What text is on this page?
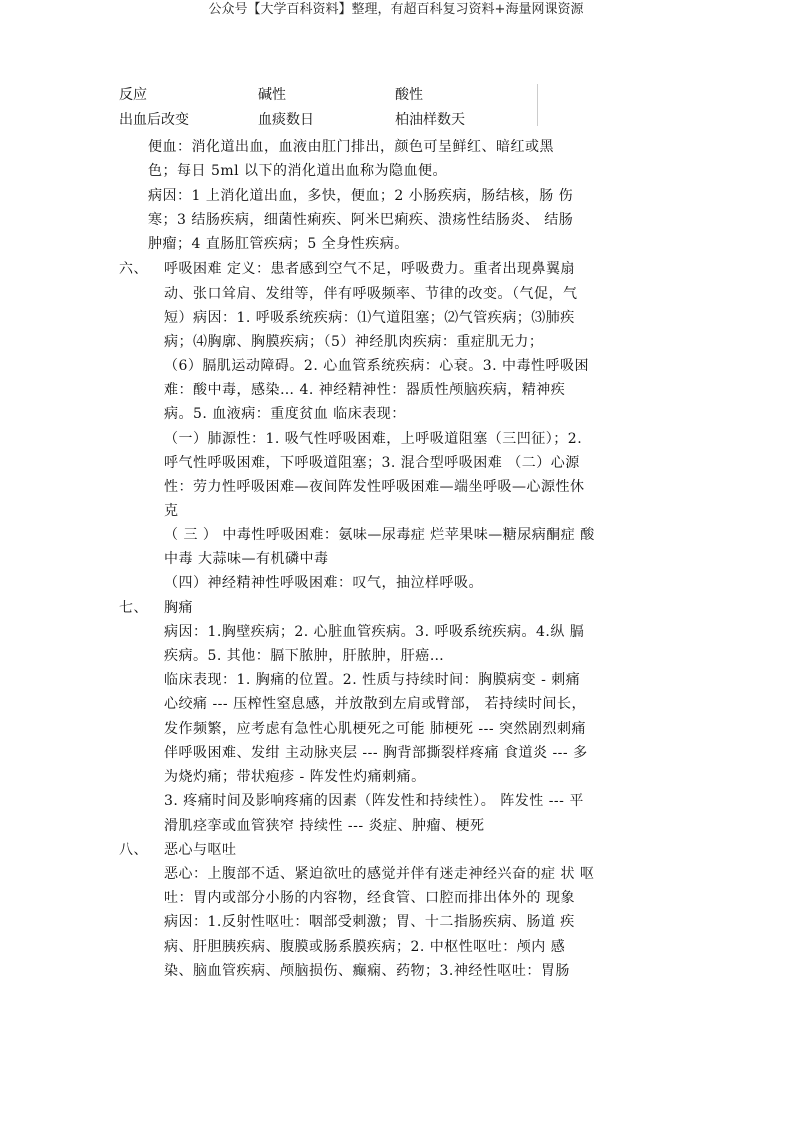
公众号【大学百科资料】整理，有超百科复习资料+海量网课资源
反应	碱性	酸性
出血后改变	血痰数日	柏油样数天
便血：消化道出血，血液由肛门排出，颜色可呈鲜红、暗红或黑
色；每日 5ml 以下的消化道出血称为隐血便。
病因：1 上消化道出血，多快，便血；2 小肠疾病，肠结核，肠 伤
寒；3 结肠疾病，细菌性痢疾、阿米巴痢疾、溃疡性结肠炎、 结肠
肿瘤；4 直肠肛管疾病；5 全身性疾病。
六、 呼吸困难 定义：患者感到空气不足，呼吸费力。重者出现鼻翼扇
动、张口耸肩、发绀等，伴有呼吸频率、节律的改变。（气促，气
短）病因：1. 呼吸系统疾病：⑴气道阻塞；⑵气管疾病；⑶肺疾
病；⑷胸廓、胸膜疾病；（5）神经肌肉疾病：重症肌无力；
（6）膈肌运动障碍。2. 心血管系统疾病：心衰。3. 中毒性呼吸困
难：酸中毒，感染… 4. 神经精神性：器质性颅脑疾病，精神疾
病。5. 血液病：重度贫血 临床表现：
（一）肺源性：1. 吸气性呼吸困难，上呼吸道阻塞（三凹征）；2.
呼气性呼吸困难，下呼吸道阻塞；3. 混合型呼吸困难 （二）心源
性：劳力性呼吸困难—夜间阵发性呼吸困难—端坐呼吸—心源性休
克
（ 三 ） 中毒性呼吸困难：氨味—尿毒症 烂苹果味—糖尿病酮症 酸
中毒 大蒜味—有机磷中毒
（四）神经精神性呼吸困难：叹气，抽泣样呼吸。
七、 胸痛
病因：1.胸壁疾病；2. 心脏血管疾病。3. 呼吸系统疾病。4.纵 膈
疾病。5. 其他：膈下脓肿，肝脓肿，肝癌…
临床表现：1. 胸痛的位置。2. 性质与持续时间：胸膜病变 - 刺痛
心绞痛 --- 压榨性窒息感，并放散到左肩或臂部， 若持续时间长，
发作频繁，应考虑有急性心肌梗死之可能 肺梗死 --- 突然剧烈刺痛
伴呼吸困难、发绀 主动脉夹层 --- 胸背部撕裂样疼痛 食道炎 --- 多
为烧灼痛；带状疱疹 - 阵发性灼痛刺痛。
3. 疼痛时间及影响疼痛的因素（阵发性和持续性）。 阵发性 --- 平
滑肌痉挛或血管狭窄 持续性 --- 炎症、肿瘤、梗死
八、 恶心与呕吐
恶心：上腹部不适、紧迫欲吐的感觉并伴有迷走神经兴奋的症 状 呕
吐：胃内或部分小肠的内容物，经食管、口腔而排出体外的 现象
病因：1.反射性呕吐：咽部受刺激；胃、十二指肠疾病、肠道 疾
病、肝胆胰疾病、腹膜或肠系膜疾病；2. 中枢性呕吐：颅内 感
染、脑血管疾病、颅脑损伤、癫痫、药物；3.神经性呕吐：胃肠
